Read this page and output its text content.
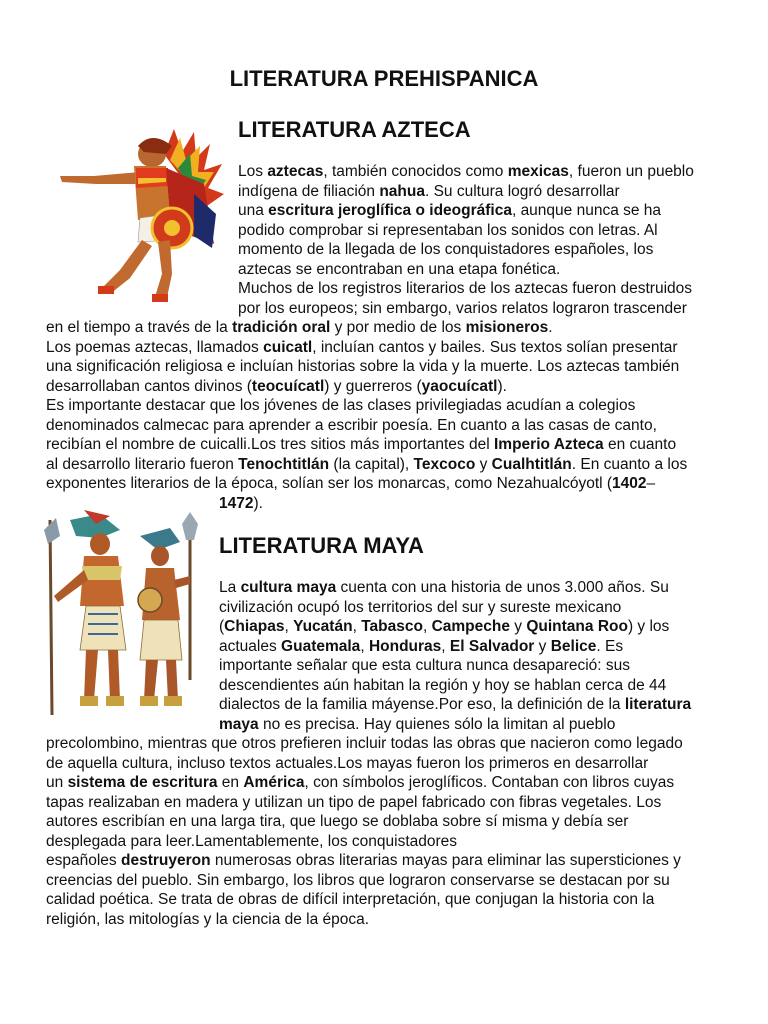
LITERATURA PREHISPANICA
LITERATURA AZTECA
Los aztecas, también conocidos como mexicas, fueron un pueblo
indígena de filiación nahua. Su cultura logró desarrollar
una escritura jeroglífica o ideográfica, aunque nunca se ha
podido comprobar si representaban los sonidos con letras. Al
momento de la llegada de los conquistadores españoles, los
aztecas se encontraban en una etapa fonética.
Muchos de los registros literarios de los aztecas fueron destruidos
por los europeos; sin embargo, varios relatos lograron trascender
en el tiempo a través de la tradición oral y por medio de los misioneros.
Los poemas aztecas, llamados cuicatl, incluían cantos y bailes. Sus textos solían presentar
una significación religiosa e incluían historias sobre la vida y la muerte. Los aztecas también
desarrollaban cantos divinos (teocuícatl) y guerreros (yaocuícatl).
Es importante destacar que los jóvenes de las clases privilegiadas acudían a colegios
denominados calmecac para aprender a escribir poesía. En cuanto a las casas de canto,
recibían el nombre de cuicalli.Los tres sitios más importantes del Imperio Azteca en cuanto
al desarrollo literario fueron Tenochtitlán (la capital), Texcoco y Cualhtitlán. En cuanto a los
exponentes literarios de la época, solían ser los monarcas, como Nezahualcóyotl (1402–
1472).
LITERATURA MAYA
La cultura maya cuenta con una historia de unos 3.000 años. Su
civilización ocupó los territorios del sur y sureste mexicano
(Chiapas, Yucatán, Tabasco, Campeche y Quintana Roo) y los
actuales Guatemala, Honduras, El Salvador y Belice. Es
importante señalar que esta cultura nunca desapareció: sus
descendientes aún habitan la región y hoy se hablan cerca de 44
dialectos de la familia máyense.Por eso, la definición de la literatura
maya no es precisa. Hay quienes sólo la limitan al pueblo
precolombino, mientras que otros prefieren incluir todas las obras que nacieron como legado
de aquella cultura, incluso textos actuales.Los mayas fueron los primeros en desarrollar
un sistema de escritura en América, con símbolos jeroglíficos. Contaban con libros cuyas
tapas realizaban en madera y utilizan un tipo de papel fabricado con fibras vegetales. Los
autores escribían en una larga tira, que luego se doblaba sobre sí misma y debía ser
desplegada para leer.Lamentablemente, los conquistadores
españoles destruyeron numerosas obras literarias mayas para eliminar las supersticiones y
creencias del pueblo. Sin embargo, los libros que lograron conservarse se destacan por su
calidad poética. Se trata de obras de difícil interpretación, que conjugan la historia con la
religión, las mitologías y la ciencia de la época.
